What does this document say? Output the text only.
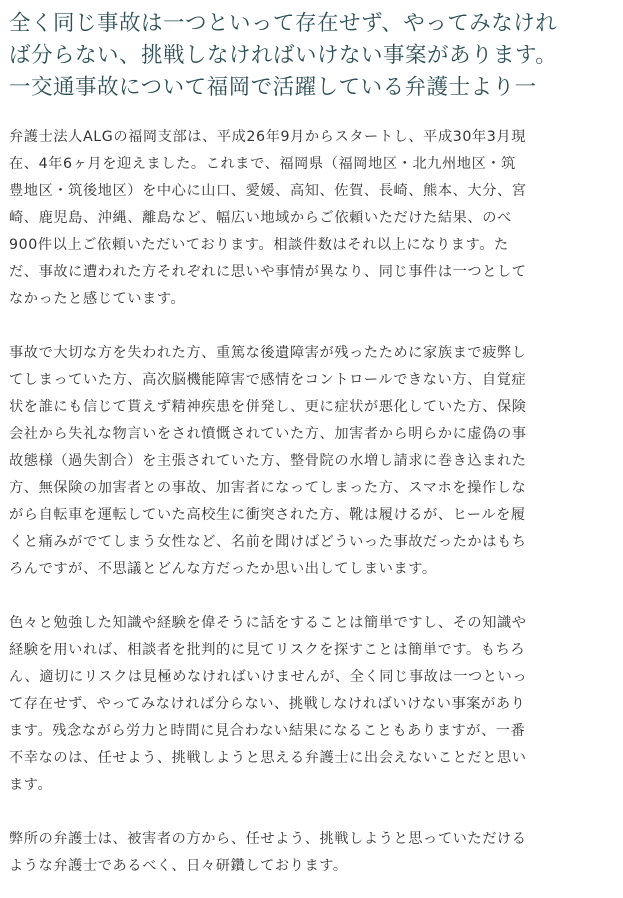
全く同じ事故は一つといって存在せず、やってみなけれ
ば分らない、挑戦しなければいけない事案があります。
一交通事故について福岡で活躍している弁護士より一

弁護士法人ALGの福岡支部は、平成26年9月からスタートし、平成30年3月現
在、4年6ヶ月を迎えました。これまで、福岡県（福岡地区・北九州地区・筑
豊地区・筑後地区）を中心に山口、愛媛、高知、佐賀、長崎、熊本、大分、宮
崎、鹿児島、沖縄、離島など、幅広い地域からご依頼いただけた結果、のべ
900件以上ご依頼いただいております。相談件数はそれ以上になります。た
だ、事故に遭われた方それぞれに思いや事情が異なり、同じ事件は一つとして
なかったと感じています。

事故で大切な方を失われた方、重篤な後遺障害が残ったために家族まで疲弊し
てしまっていた方、高次脳機能障害で感情をコントロールできない方、自覚症
状を誰にも信じて貰えず精神疾患を併発し、更に症状が悪化していた方、保険
会社から失礼な物言いをされ憤慨されていた方、加害者から明らかに虚偽の事
故態様（過失割合）を主張されていた方、整骨院の水増し請求に巻き込まれた
方、無保険の加害者との事故、加害者になってしまった方、スマホを操作しな
がら自転車を運転していた高校生に衝突された方、靴は履けるが、ヒールを履
くと痛みがでてしまう女性など、名前を聞けばどういった事故だったかはもち
ろんですが、不思議とどんな方だったか思い出してしまいます。

色々と勉強した知識や経験を偉そうに話をすることは簡単ですし、その知識や
経験を用いれば、相談者を批判的に見てリスクを探すことは簡単です。もちろ
ん、適切にリスクは見極めなければいけませんが、全く同じ事故は一つといっ
て存在せず、やってみなければ分らない、挑戦しなければいけない事案があり
ます。残念ながら労力と時間に見合わない結果になることもありますが、一番
不幸なのは、任せよう、挑戦しようと思える弁護士に出会えないことだと思い
ます。

弊所の弁護士は、被害者の方から、任せよう、挑戦しようと思っていただける
ような弁護士であるべく、日々研鑽しております。
